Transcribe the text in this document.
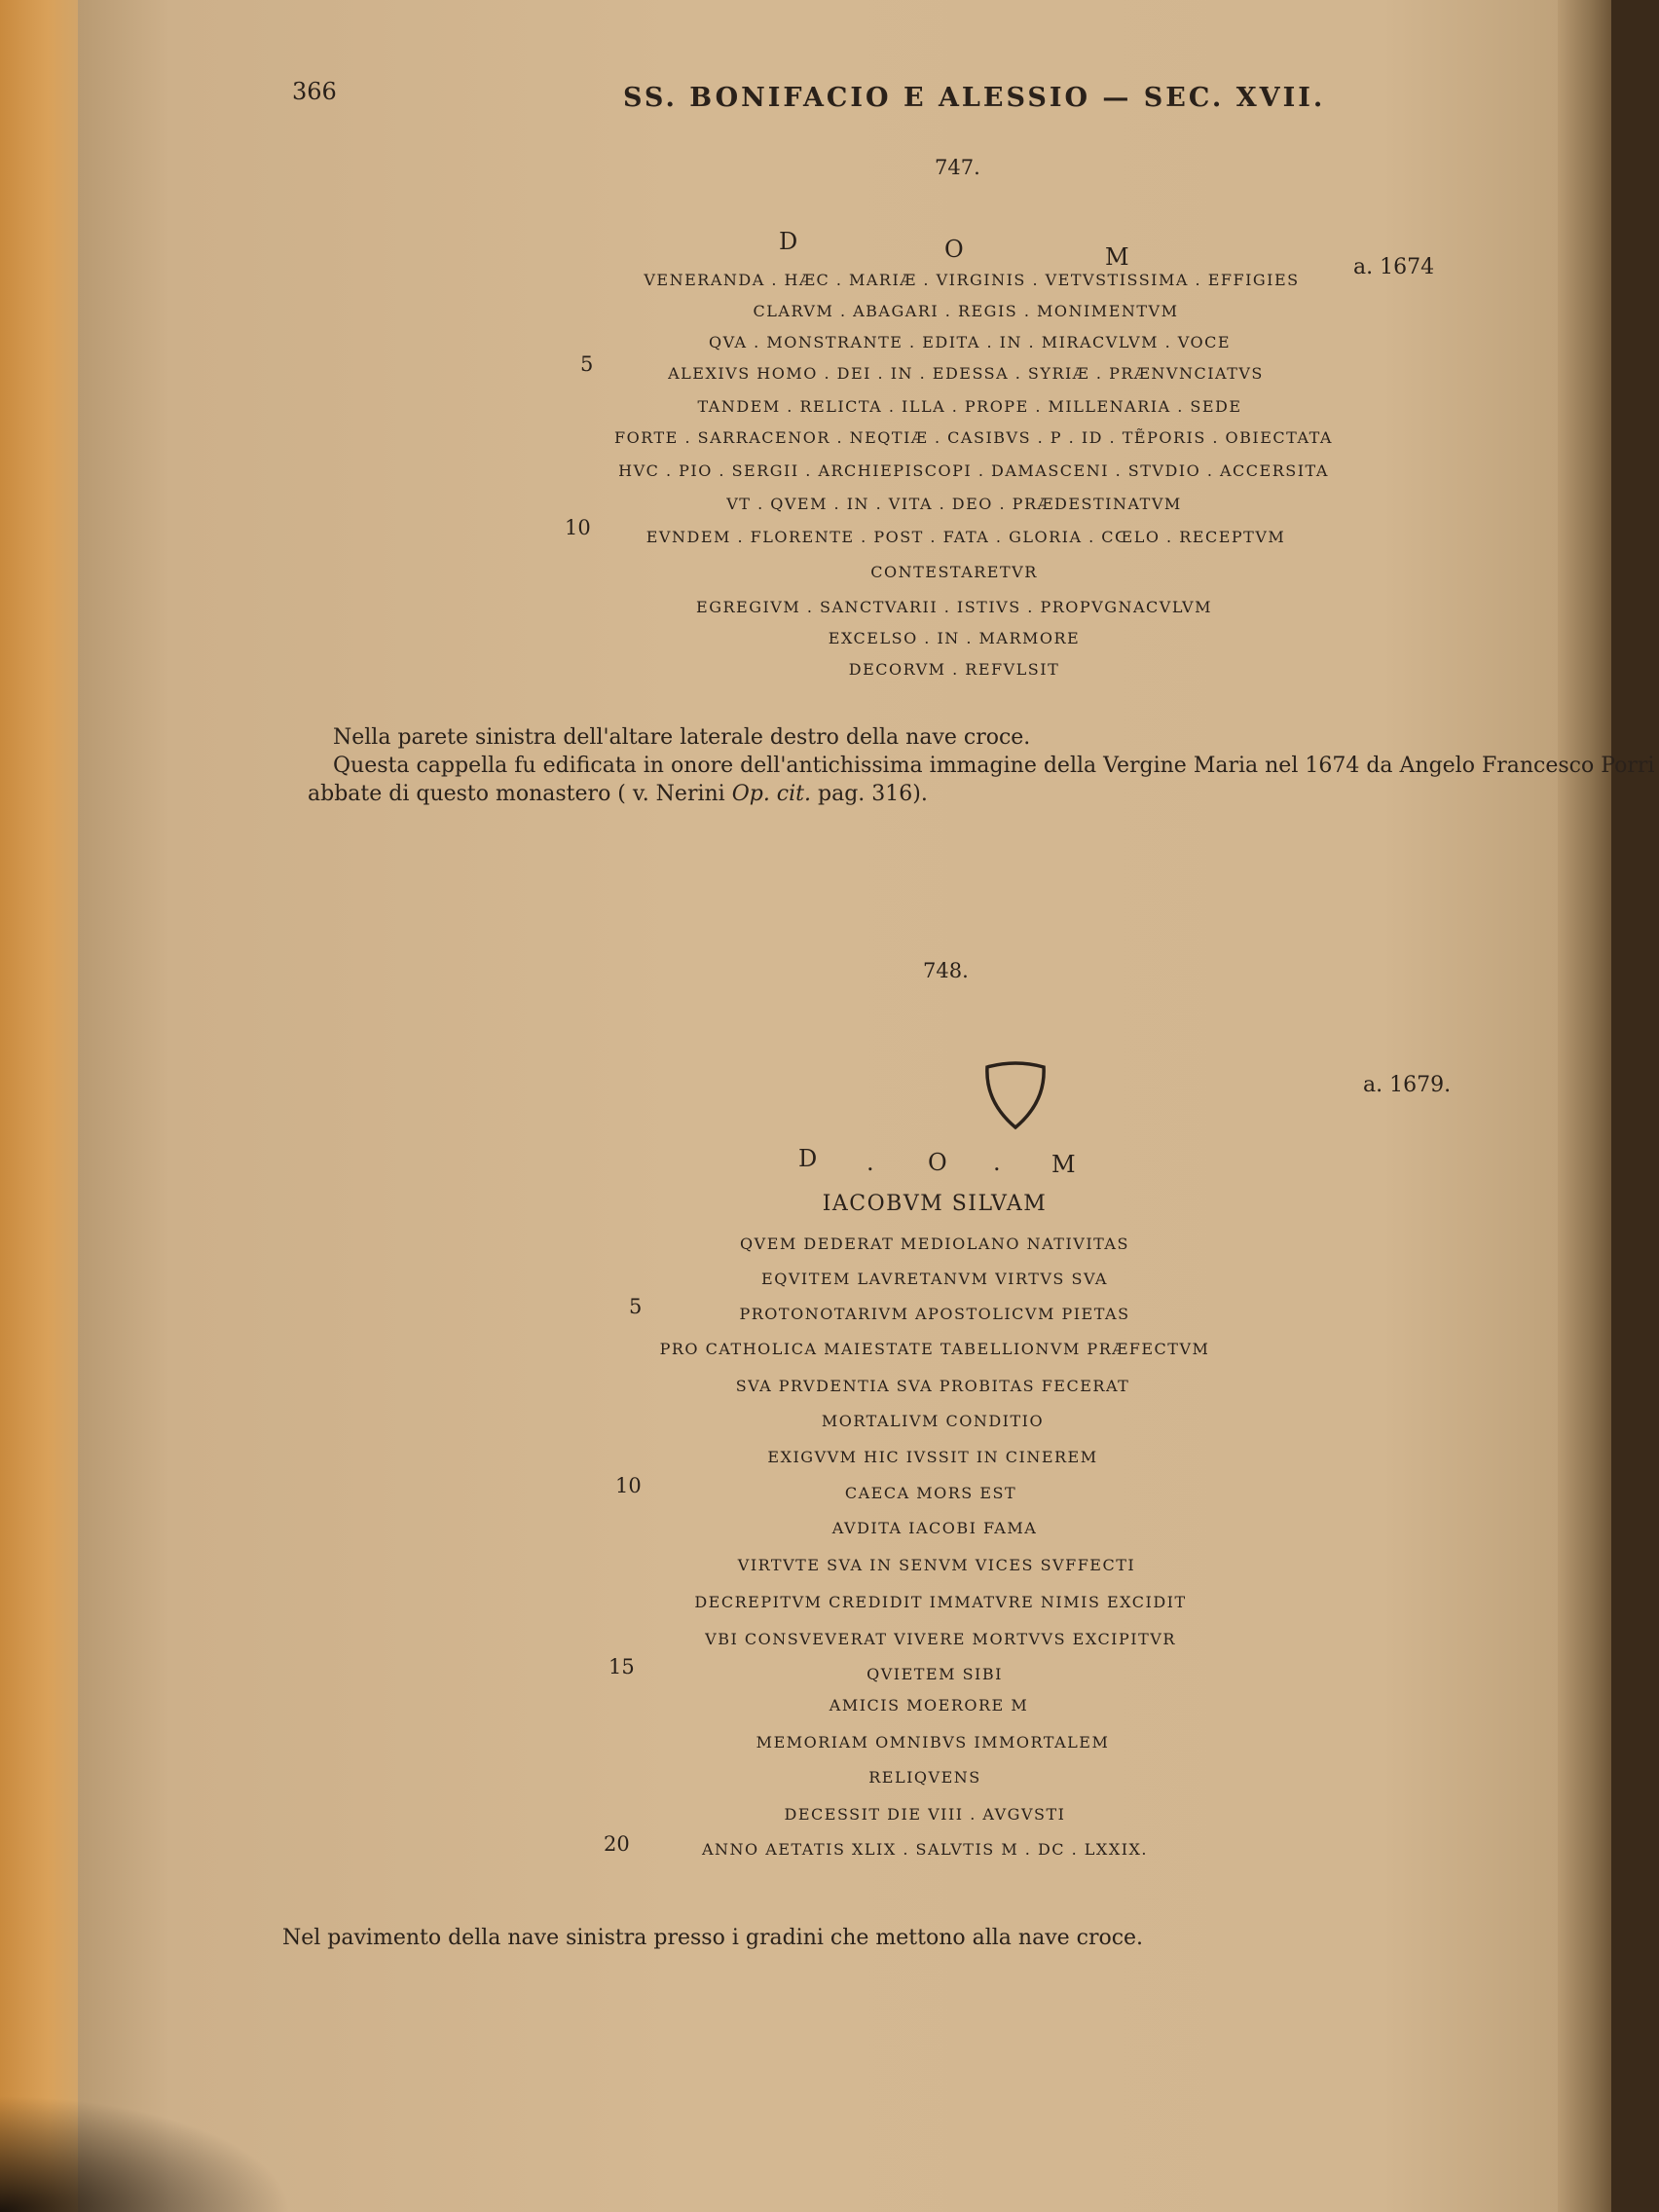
366	SS. BONIFACIO E ALESSIO — SEC. XVII.
747.
a. 1674
D	O	M
VENERANDA . HÆC . MARIÆ . VIRGINIS . VETVSTISSIMA . EFFIGIES
CLARVM . ABAGARI . REGIS . MONIMENTVM
QVA . MONSTRANTE . EDITA . IN . MIRACVLVM . VOCE
ALEXIVS HOMO . DEI . IN . EDESSA . SYRIÆ . PRÆNVNCIATVS
TANDEM . RELICTA . ILLA . PROPE . MILLENARIA . SEDE
FORTE . SARRACENOR . NEQTIÆ . CASIBVS . P . ID . TẼPORIS . OBIECTATA
HVC . PIO . SERGII . ARCHIEPISCOPI . DAMASCENI . STVDIO . ACCERSITA
VT . QVEM . IN . VITA . DEO . PRÆDESTINATVM
EVNDEM . FLORENTE . POST . FATA . GLORIA . CŒLO . RECEPTVM
CONTESTARETVR
EGREGIVM . SANCTVARII . ISTIVS . PROPVGNACVLVM
EXCELSO . IN . MARMORE
DECORVM . REFVLSIT
5
10
Nella parete sinistra dell'altare laterale destro della nave croce.
Questa cappella fu edificata in onore dell'antichissima immagine della Vergine Maria nel 1674 da Angelo Francesco Porri
abbate di questo monastero ( v. Nerini Op. cit. pag. 316).
748.
a. 1679.
D . O . M
IACOBVM SILVAM
QVEM DEDERAT MEDIOLANO NATIVITAS
EQVITEM LAVRETANVM VIRTVS SVA
PROTONOTARIVM APOSTOLICVM PIETAS
PRO CATHOLICA MAIESTATE TABELLIONVM PRÆFECTVM
SVA PRVDENTIA SVA PROBITAS FECERAT
MORTALIVM CONDITIO
EXIGVVM HIC IVSSIT IN CINEREM
CAECA MORS EST
AVDITA IACOBI FAMA
VIRTVTE SVA IN SENVM VICES SVFFECTI
DECREPITVM CREDIDIT IMMATVRE NIMIS EXCIDIT
VBI CONSVEVERAT VIVERE MORTVVS EXCIPITVR
QVIETEM SIBI
AMICIS MOERORE M
MEMORIAM OMNIBVS IMMORTALEM
RELIQVENS
DECESSIT DIE VIII . AVGVSTI
ANNO AETATIS XLIX . SALVTIS M . DC . LXXIX.
5
10
15
20
Nel pavimento della nave sinistra presso i gradini che mettono alla nave croce.
